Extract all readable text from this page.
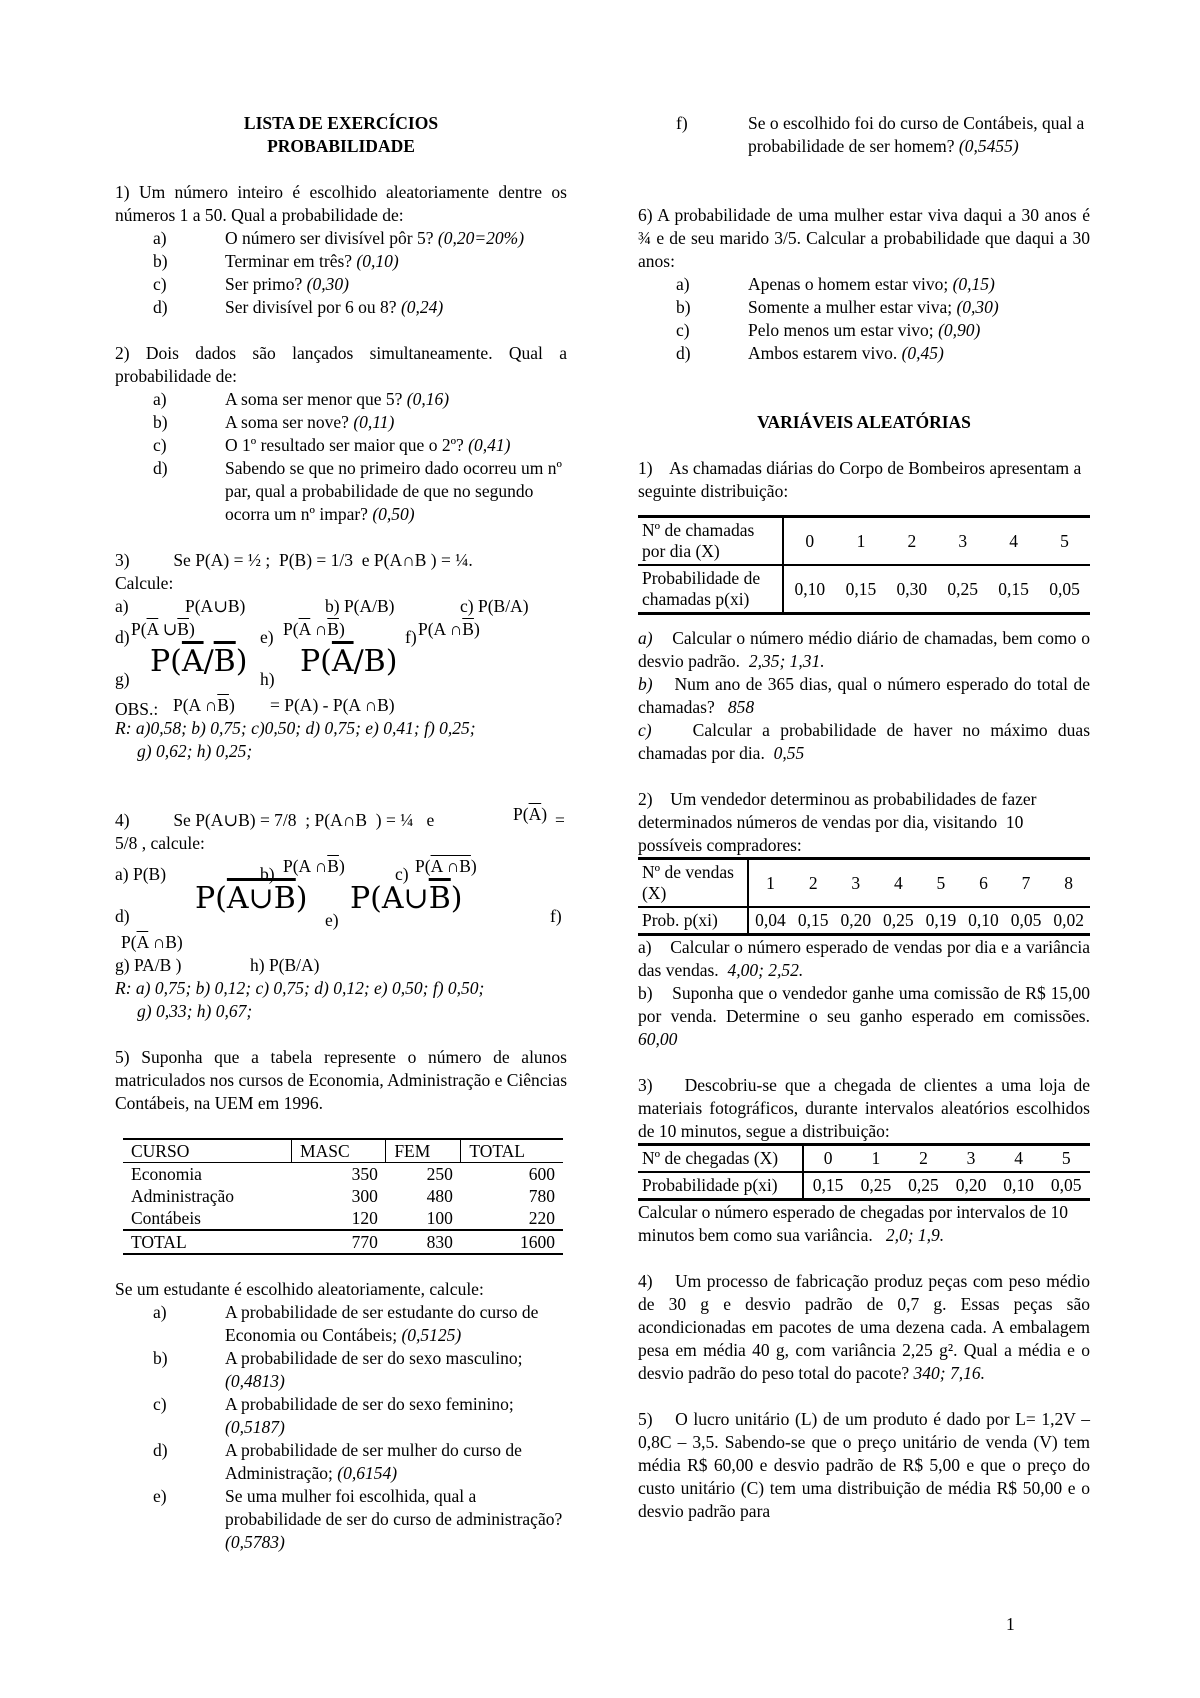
LISTA DE EXERCÍCIOS
PROBABILIDADE
1) Um número inteiro é escolhido aleatoriamente dentre os números 1 a 50. Qual a probabilidade de:
a)	O número ser divisível pôr 5? (0,20=20%)
b)	Terminar em três? (0,10)
c)	Ser primo? (0,30)
d)	Ser divisível por 6 ou 8? (0,24)
2) Dois dados são lançados simultaneamente. Qual a probabilidade de:
a)	A soma ser menor que 5? (0,16)
b)	A soma ser nove? (0,11)
c)	O 1º resultado ser maior que o 2º? (0,41)
d)	Sabendo se que no primeiro dado ocorreu um nº par, qual a probabilidade de que no segundo ocorra um nº impar? (0,50)
3)          Se P(A) = ½ ;  P(B) = 1/3  e P(A∩B ) = ¼.
Calcule:
a)	P(A∪B)	b) P(A/B)	c) P(B/A)
d) $P(\overline{A}$ $\cup\overline{B}$)	e) $P(\overline{A}$ $\cap\overline{B}$)	f) P(A $\cap\overline{B}$)
g) $P(\overline{A}/\overline{B})$ h) $P(\overline{A}/B)$
OBS.: P(A $\cap\overline{B}) = P(A) - P(A$ ∩B)
R: a)0,58; b) 0,75; c)0,50; d) 0,75; e) 0,41; f) 0,25;
g) 0,62; h) 0,25;
4)          Se P(A∪B) = 7/8  ; P(A∩B  ) = ¼   e	$P(\overline{A})$ =
5/8 , calcule:
a) P(B)	b) P(A $\cap\overline{B}$)	c) P(A ∩B)
d) P(A∪B)
e)
$P(A\cup\overline{B})$	f)
$P(\overline{A}$ ∩B)
g) PA/B )	h) P(B/A)
R: a) 0,75; b) 0,12; c) 0,75; d) 0,12; e) 0,50; f) 0,50;
g) 0,33; h) 0,67;
5) Suponha que a tabela represente o número de alunos matriculados nos cursos de Economia, Administração e Ciências Contábeis, na UEM em 1996.
CURSO	MASC	FEM	TOTAL
Economia	350	250	600
Administração	300	480	780
Contábeis	120	100	220
TOTAL	770	830	1600
Se um estudante é escolhido aleatoriamente, calcule:
a)	A probabilidade de ser estudante do curso de Economia ou Contábeis; (0,5125)
b)	A probabilidade de ser do sexo masculino; (0,4813)
c)	A probabilidade de ser do sexo feminino; (0,5187)
d)	A probabilidade de ser mulher do curso de Administração; (0,6154)
e)	Se uma mulher foi escolhida, qual a probabilidade de ser do curso de administração? (0,5783)
f)	Se o escolhido foi do curso de Contábeis, qual a probabilidade de ser homem? (0,5455)
6) A probabilidade de uma mulher estar viva daqui a 30 anos é ¾ e de seu marido 3/5. Calcular a probabilidade que daqui a 30 anos:
a)	Apenas o homem estar vivo; (0,15)
b)	Somente a mulher estar viva; (0,30)
c)	Pelo menos um estar vivo; (0,90)
d)	Ambos estarem vivo. (0,45)
VARIÁVEIS ALEATÓRIAS
1)    As chamadas diárias do Corpo de Bombeiros apresentam a seguinte distribuição:
Nº de chamadas por dia (X)	0	1	2	3	4	5
Probabilidade de chamadas p(xi)	0,10	0,15	0,30	0,25	0,15	0,05
a) Calcular o número médio diário de chamadas, bem como o desvio padrão. 2,35; 1,31.
b) Num ano de 365 dias, qual o número esperado do total de chamadas? 858
c) Calcular a probabilidade de haver no máximo duas chamadas por dia. 0,55
2)    Um vendedor determinou as probabilidades de fazer determinados números de vendas por dia, visitando  10 possíveis compradores:
Nº de vendas (X)	1	2	3	4	5	6	7	8
Prob. p(xi)	0,04	0,15	0,20	0,25	0,19	0,10	0,05	0,02
a)    Calcular o número esperado de vendas por dia e a variância das vendas. 4,00; 2,52.
b)    Suponha que o vendedor ganhe uma comissão de R$ 15,00 por venda. Determine o seu ganho esperado em comissões.  60,00
3)    Descobriu-se que a chegada de clientes a uma loja de materiais fotográficos, durante intervalos aleatórios escolhidos de 10 minutos, segue a distribuição:
Nº de chegadas (X)	0	1	2	3	4	5
Probabilidade p(xi)	0,15	0,25	0,25	0,20	0,10	0,05
Calcular o número esperado de chegadas por intervalos de 10 minutos bem como sua variância. 2,0; 1,9.
4)    Um processo de fabricação produz peças com peso médio de 30 g e desvio padrão de 0,7 g. Essas peças são acondicionadas em pacotes de uma dezena cada. A embalagem pesa em média 40 g, com variância 2,25 g². Qual a média e o desvio padrão do peso total do pacote? 340; 7,16.
5)    O lucro unitário (L) de um produto é dado por L= 1,2V – 0,8C – 3,5. Sabendo-se que o preço unitário de venda (V) tem média R$ 60,00 e desvio padrão de R$ 5,00 e que o preço do custo unitário (C) tem uma distribuição de média R$ 50,00 e o desvio padrão para
1
